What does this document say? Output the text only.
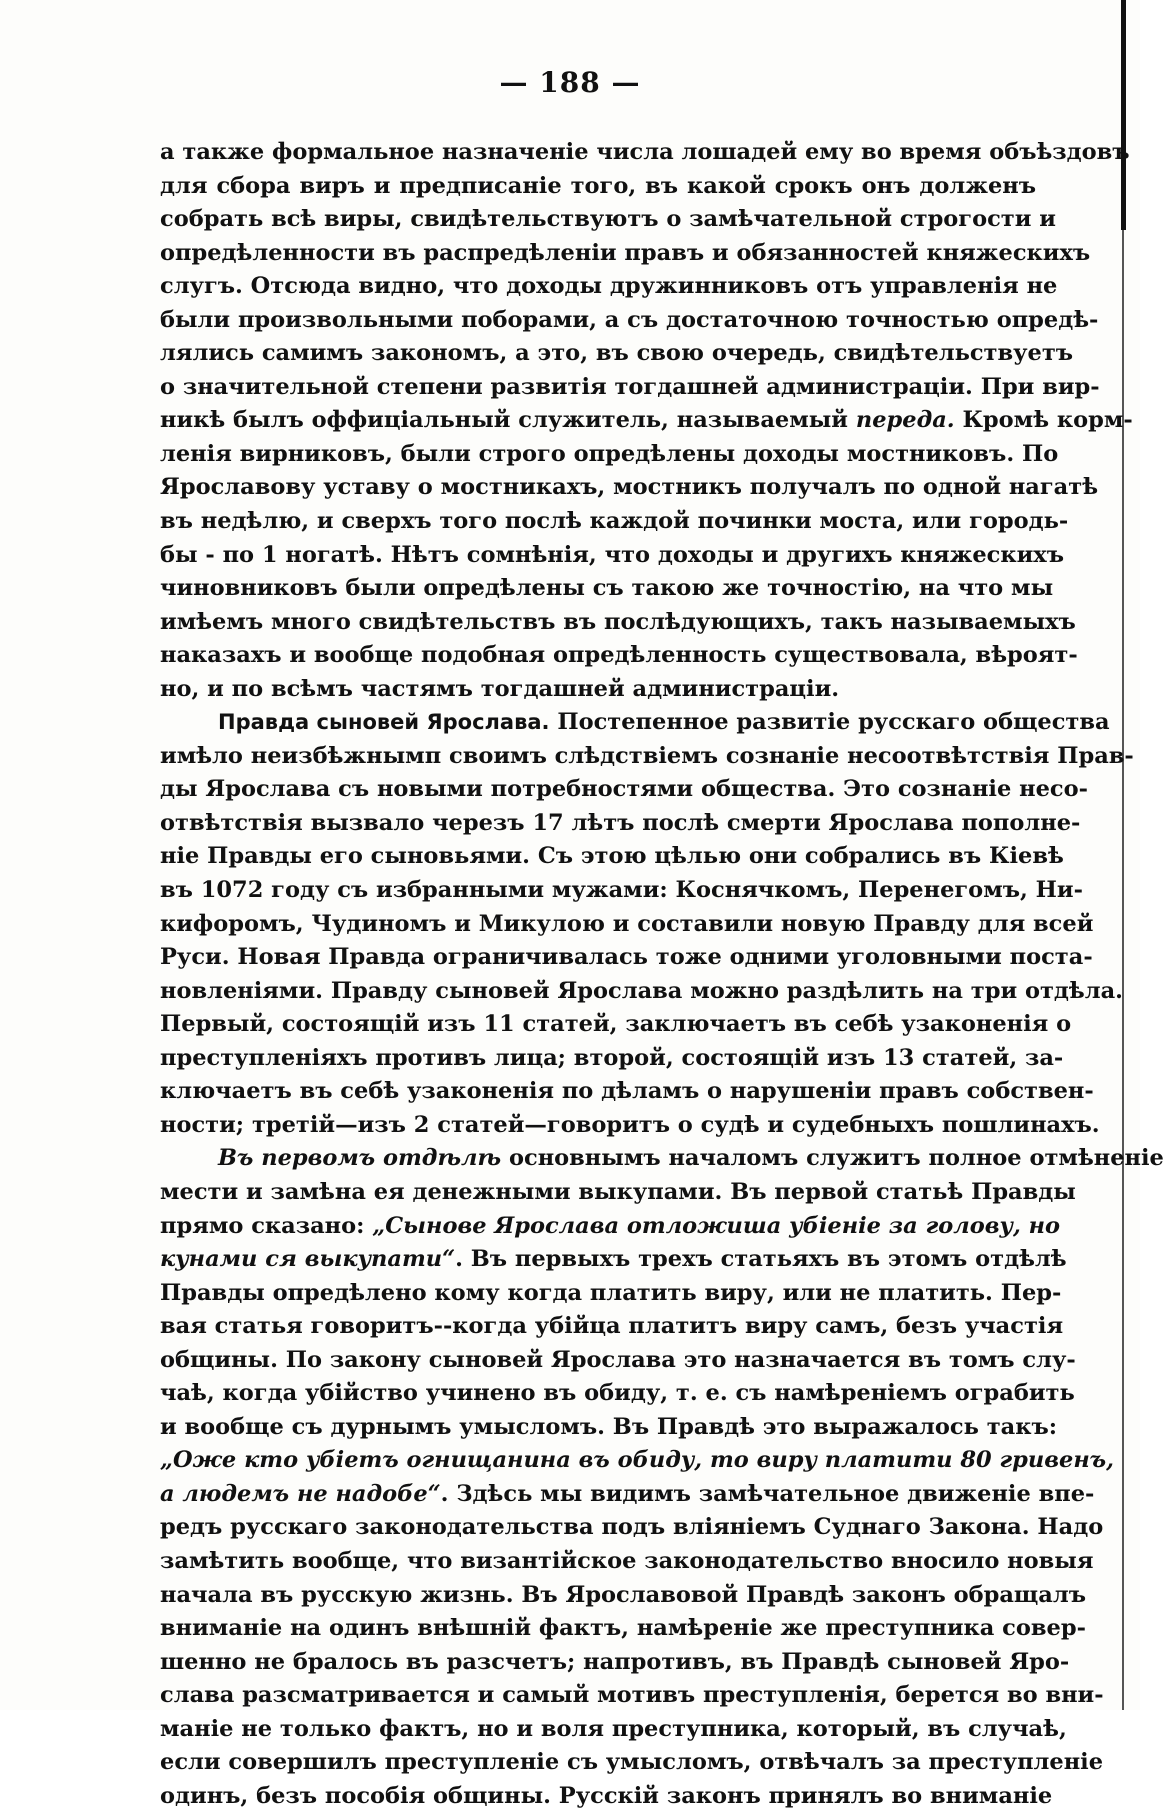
— 188 —
а также формальное назначеніе числа лошадей ему во время объѣздовъ
для сбора виръ и предписаніе того, въ какой срокъ онъ долженъ
собрать всѣ виры, свидѣтельствуютъ о замѣчательной строгости и
опредѣленности въ распредѣленіи правъ и обязанностей княжескихъ
слугъ. Отсюда видно, что доходы дружинниковъ отъ управленія не
были произвольными поборами, а съ достаточною точностью опредѣ-
лялись самимъ закономъ, а это, въ свою очередь, свидѣтельствуетъ
о значительной степени развитія тогдашней администраціи. При вир-
никѣ былъ оффиціальный служитель, называемый переда. Кромѣ корм-
ленія вирниковъ, были строго опредѣлены доходы мостниковъ. По
Ярославову уставу о мостникахъ, мостникъ получалъ по одной нагатѣ
въ недѣлю, и сверхъ того послѣ каждой починки моста, или городь-
бы - по 1 ногатѣ. Нѣтъ сомнѣнія, что доходы и другихъ княжескихъ
чиновниковъ были опредѣлены съ такою же точностію, на что мы
имѣемъ много свидѣтельствъ въ послѣдующихъ, такъ называемыхъ
наказахъ и вообще подобная опредѣленность существовала, вѣроят-
но, и по всѣмъ частямъ тогдашней администраціи.
Правда сыновей Ярослава. Постепенное развитіе русскаго общества
имѣло неизбѣжнымп своимъ слѣдствіемъ сознаніе несоотвѣтствія Прав-
ды Ярослава съ новыми потребностями общества. Это сознаніе несо-
отвѣтствія вызвало черезъ 17 лѣтъ послѣ смерти Ярослава пополне-
ніе Правды его сыновьями. Съ этою цѣлью они собрались въ Кіевѣ
въ 1072 году съ избранными мужами: Коснячкомъ, Перенегомъ, Ни-
кифоромъ, Чудиномъ и Микулою и составили новую Правду для всей
Руси. Новая Правда ограничивалась тоже одними уголовными поста-
новленіями. Правду сыновей Ярослава можно раздѣлить на три отдѣла.
Первый, состоящій изъ 11 статей, заключаетъ въ себѣ узаконенія о
преступленіяхъ противъ лица; второй, состоящій изъ 13 статей, за-
ключаетъ въ себѣ узаконенія по дѣламъ о нарушеніи правъ собствен-
ности; третій—изъ 2 статей—говоритъ о судѣ и судебныхъ пошлинахъ.
Въ первомъ отдѣлѣ основнымъ началомъ служитъ полное отмѣненіе
мести и замѣна ея денежными выкупами. Въ первой статьѣ Правды
прямо сказано: „Сынове Ярослава отложиша убіеніе за голову, но
кунами ся выкупати“. Въ первыхъ трехъ статьяхъ въ этомъ отдѣлѣ
Правды опредѣлено кому когда платить виру, или не платить. Пер-
вая статья говоритъ--когда убійца платитъ виру самъ, безъ участія
общины. По закону сыновей Ярослава это назначается въ томъ слу-
чаѣ, когда убійство учинено въ обиду, т. е. съ намѣреніемъ ограбить
и вообще съ дурнымъ умысломъ. Въ Правдѣ это выражалось такъ:
„Оже кто убіетъ огнищанина въ обиду, то виру платити 80 гривенъ,
а людемъ не надобе“. Здѣсь мы видимъ замѣчательное движеніе впе-
редъ русскаго законодательства подъ вліяніемъ Суднаго Закона. Надо
замѣтить вообще, что византійское законодательство вносило новыя
начала въ русскую жизнь. Въ Ярославовой Правдѣ законъ обращалъ
вниманіе на одинъ внѣшній фактъ, намѣреніе же преступника совер-
шенно не бралось въ разсчетъ; напротивъ, въ Правдѣ сыновей Яро-
слава разсматривается и самый мотивъ преступленія, берется во вни-
маніе не только фактъ, но и воля преступника, который, въ случаѣ,
если совершилъ преступленіе съ умысломъ, отвѣчалъ за преступленіе
одинъ, безъ пособія общины. Русскій законъ принялъ во вниманіе
